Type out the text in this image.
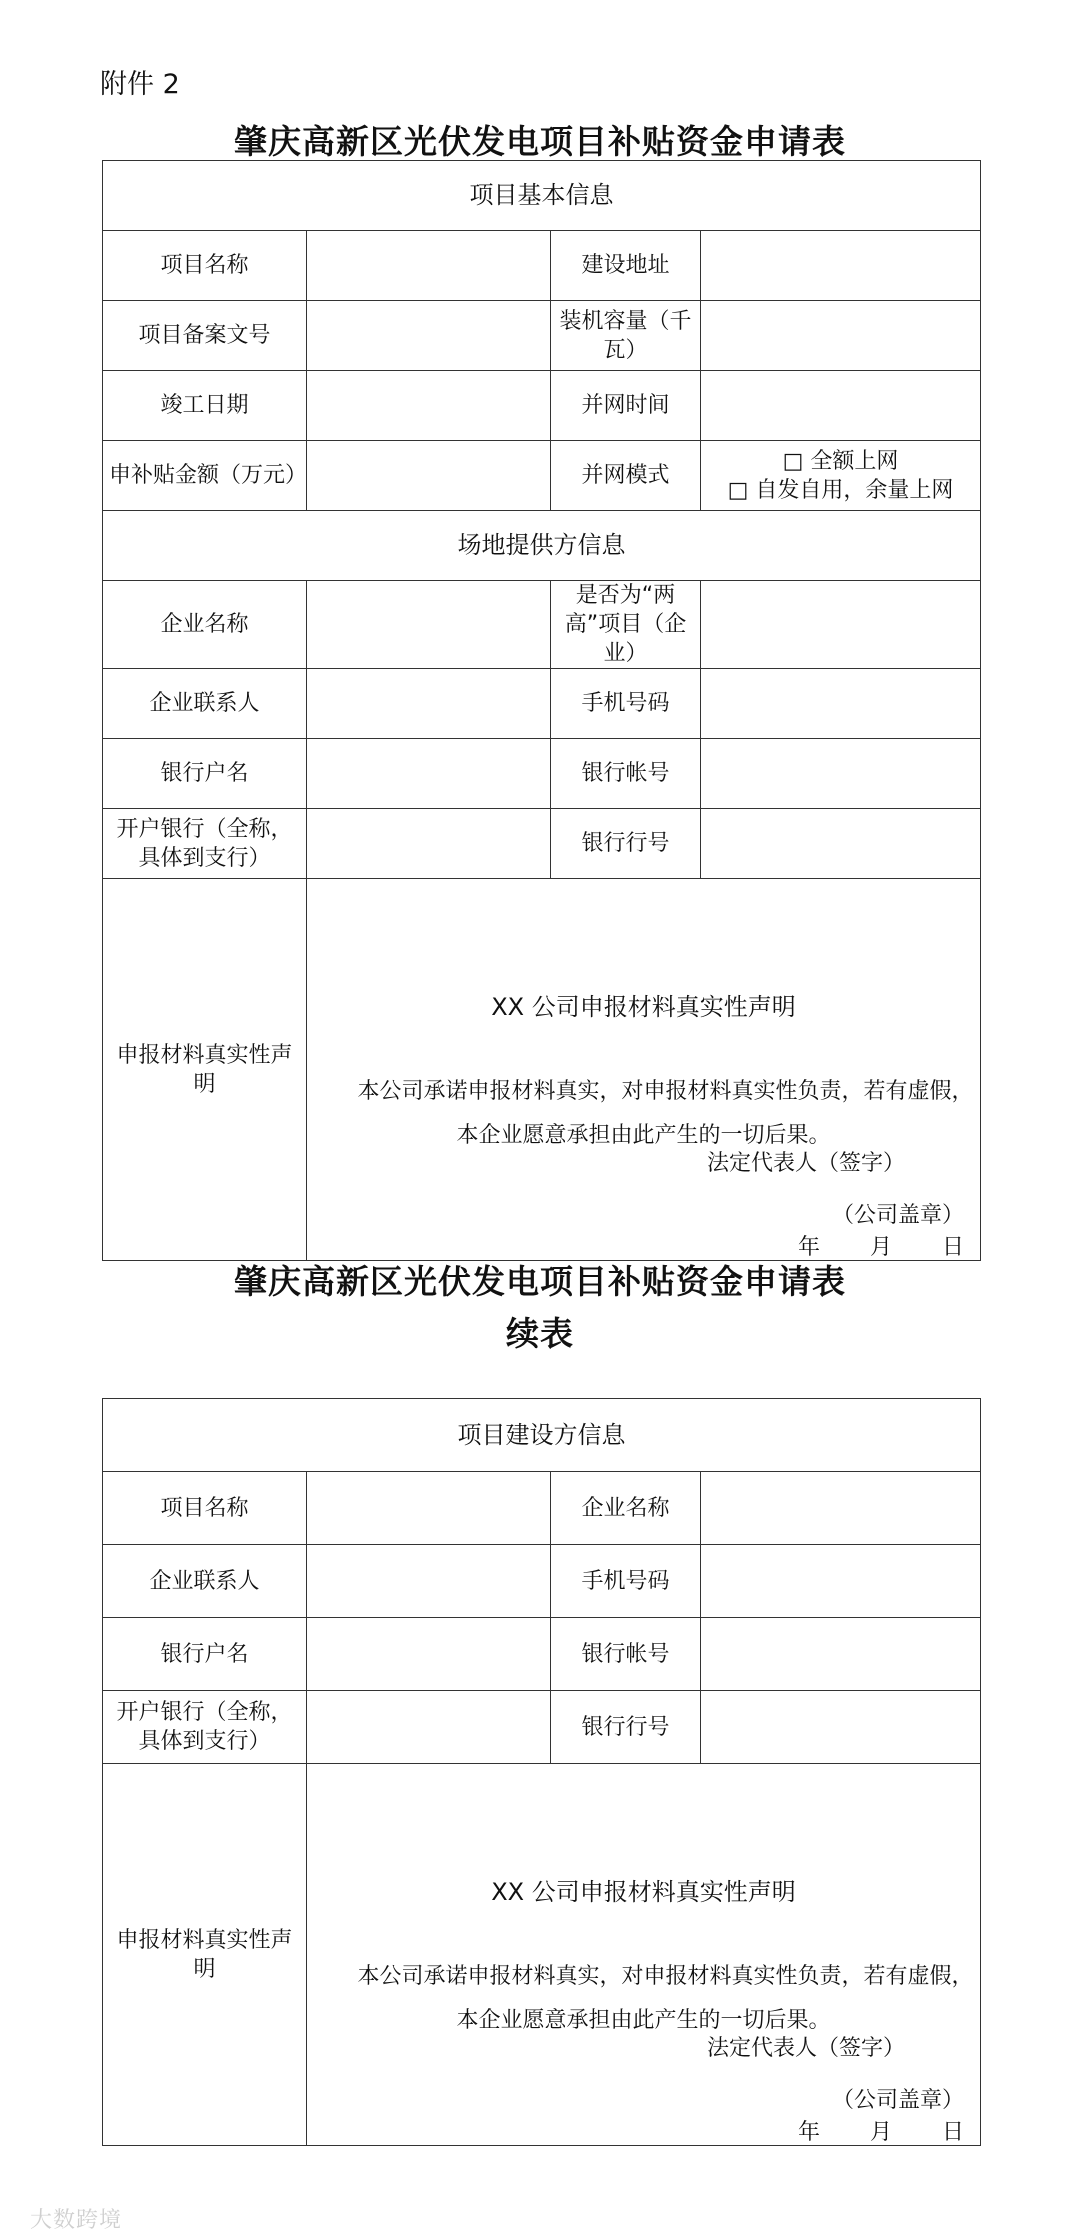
附件 2
肇庆高新区光伏发电项目补贴资金申请表
项目基本信息			
项目名称		建设地址	
项目备案文号		装机容量（千瓦）	
竣工日期		并网时间	
申补贴金额（万元）		并网模式	□ 全额上网
□ 自发自用，余量上网

场地提供方信息			
企业名称		是否为“两高”项目（企业）	
企业联系人		手机号码	
银行户名		银行帐号	
开户银行（全称，具体到支行）		银行行号	
申报材料真实性声明	XX 公司申报材料真实性声明
本公司承诺申报材料真实，对申报材料真实性负责，若有虚假，本企业愿意承担由此产生的一切后果。
法定代表人（签字）
（公司盖章）
年 月 日		
肇庆高新区光伏发电项目补贴资金申请表
续表
项目建设方信息			
项目名称		企业名称	
企业联系人		手机号码	
银行户名		银行帐号	
开户银行（全称，具体到支行）		银行行号	
申报材料真实性声明	XX 公司申报材料真实性声明
本公司承诺申报材料真实，对申报材料真实性负责，若有虚假，本企业愿意承担由此产生的一切后果。
法定代表人（签字）
（公司盖章）
年 月 日		
大数跨境
